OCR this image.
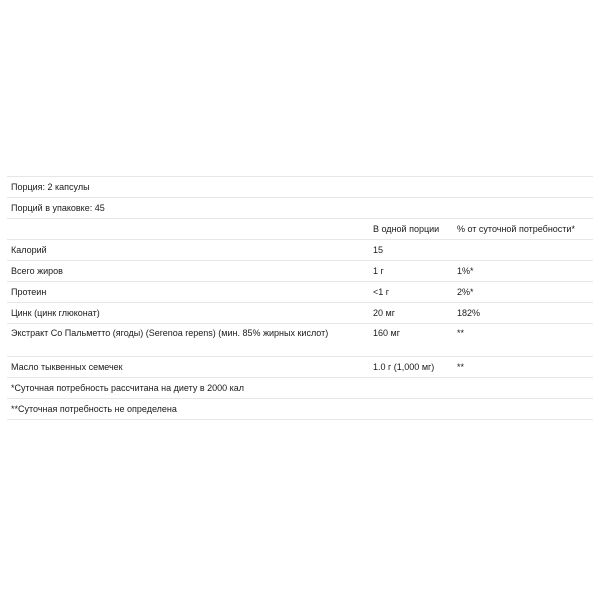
Порция: 2 капсулы		
Порций в упаковке: 45		
	В одной порции	% от суточной потребности*
Калорий	15	
Всего жиров	1 г	1%*
Протеин	<1 г	2%*
Цинк (цинк глюконат)	20 мг	182%
Экстракт Со Пальметто (ягоды) (Serenoa repens) (мин. 85% жирных кислот)	160 мг	**
Масло тыквенных семечек	1.0 г (1,000 мг)	**
*Суточная потребность рассчитана на диету в 2000 кал		
**Суточная потребность не определена		
